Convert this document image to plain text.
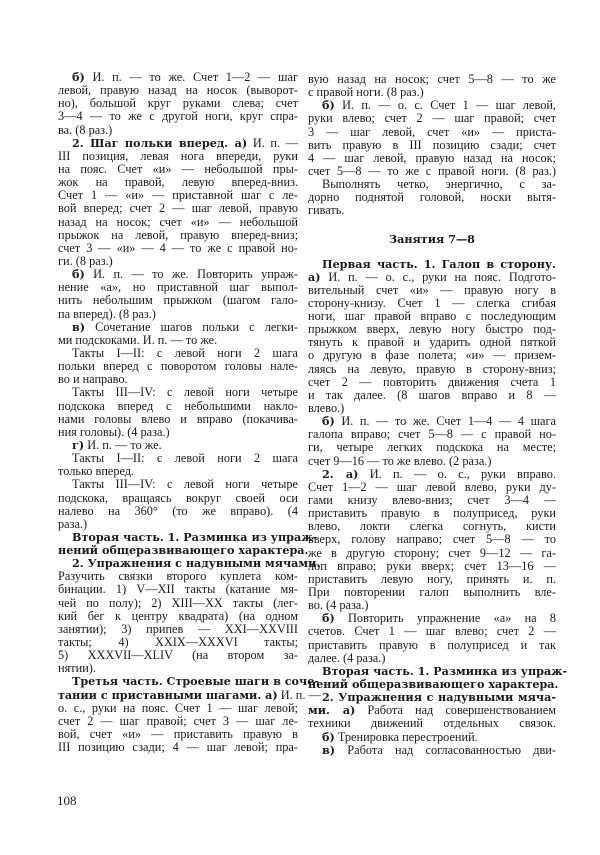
б) И. п. — то же. Счет 1—2 — шаг
левой, правую назад на носок (выворот-
но), большой круг руками слева; счет
3—4 — то же с другой ноги, круг спра-
ва. (8 раз.)
2. Шаг польки вперед. а) И. п. —
III позиция, левая нога впереди, руки
на пояс. Счет «и» — небольшой пры-
жок на правой, левую вперед-вниз.
Счет 1 — «и» — приставной шаг с ле-
вой вперед; счет 2 — шаг левой, правую
назад на носок; счет «и» — небольшой
прыжок на левой, правую вперед-вниз;
счет 3 — «и» — 4 — то же с правой но-
ги. (8 раз.)
б) И. п. — то же. Повторить упраж-
нение «а», но приставной шаг выпол-
нить небольшим прыжком (шагом гало-
па вперед). (8 раз.)
в) Сочетание шагов польки с легки-
ми подскоками. И. п. — то же.
Такты I—II: с левой ноги 2 шага
польки вперед с поворотом головы нале-
во и направо.
Такты III—IV: с левой ноги четыре
подскока вперед с небольшими накло-
нами головы влево и вправо (покачива-
ния головы). (4 раза.)
г) И. п. — то же.
Такты I—II: с левой ноги 2 шага
только вперед.
Такты III—IV: с левой ноги четыре
подскока, вращаясь вокруг своей оси
налево на 360° (то же вправо). (4
раза.)
Вторая часть. 1. Разминка из упраж-
нений общеразвивающего характера.
2. Упражнения с надувными мячами.
Разучить связки второго куплета ком-
бинации. 1) V—XII такты (катание мя-
чей по полу); 2) XIII—XX такты (лег-
кий бег к центру квадрата) (на одном
занятии); 3) припев — XXI—XXVIII
такты; 4) XXIX—XXXVI такты;
5) XXXVII—XLIV (на втором за-
нятии).
Третья часть. Строевые шаги в соче-
тании с приставными шагами. а) И. п. —
о. с., руки на пояс. Счет 1 — шаг левой;
счет 2 — шаг правой; счет 3 — шаг ле-
вой, счет «и» — приставить правую в
III позицию сзади; 4 — шаг левой; пра-
вую назад на носок; счет 5—8 — то же
с правой ноги. (8 раз.)
б) И. п. — о. с. Счет 1 — шаг левой,
руки влево; счет 2 — шаг правой; счет
3 — шаг левой, счет «и» — приста-
вить правую в III позицию сзади; счет
4 — шаг левой, правую назад на носок;
счет 5—8 — то же с правой ноги. (8 раз.)
Выполнять четко, энергично, с за-
дорно поднятой головой, носки вытя-
гивать.
Занятия 7—8
Первая часть. 1. Галоп в сторону.
а) И. п. — о. с., руки на пояс. Подгото-
вительный счет «и» — правую ногу в
сторону-книзу. Счет 1 — слегка сгибая
ноги, шаг правой вправо с последующим
прыжком вверх, левую ногу быстро под-
тянуть к правой и ударить одной пяткой
о другую в фазе полета; «и» — призем-
ляясь на левую, правую в сторону-вниз;
счет 2 — повторить движения счета 1
и так далее. (8 шагов вправо и 8 —
влево.)
б) И. п. — то же. Счет 1—4 — 4 шага
галопа вправо; счет 5—8 — с правой но-
ги, четыре легких подскока на месте;
счет 9—16 — то же влево. (2 раза.)
2. а) И. п. — о. с., руки вправо.
Счет 1—2 — шаг левой влево, руки ду-
гами книзу влево-вниз; счет 3—4 —
приставить правую в полуприсед, руки
влево, локти слегка согнуть, кисти
вверх, голову направо; счет 5—8 — то
же в другую сторону; счет 9—12 — га-
лоп вправо; руки вверх; счет 13—16 —
приставить левую ногу, принять и. п.
При повторении галоп выполнить вле-
во. (4 раза.)
б) Повторить упражнение «а» на 8
счетов. Счет 1 — шаг влево; счет 2 —
приставить правую в полуприсед и так
далее. (4 раза.)
Вторая часть. 1. Разминка из упраж-
нений общеразвивающего характера.
2. Упражнения с надувными мяча-
ми. а) Работа над совершенствованием
техники движений отдельных связок.
б) Тренировка перестроений.
в) Работа над согласованностью дви-
108
